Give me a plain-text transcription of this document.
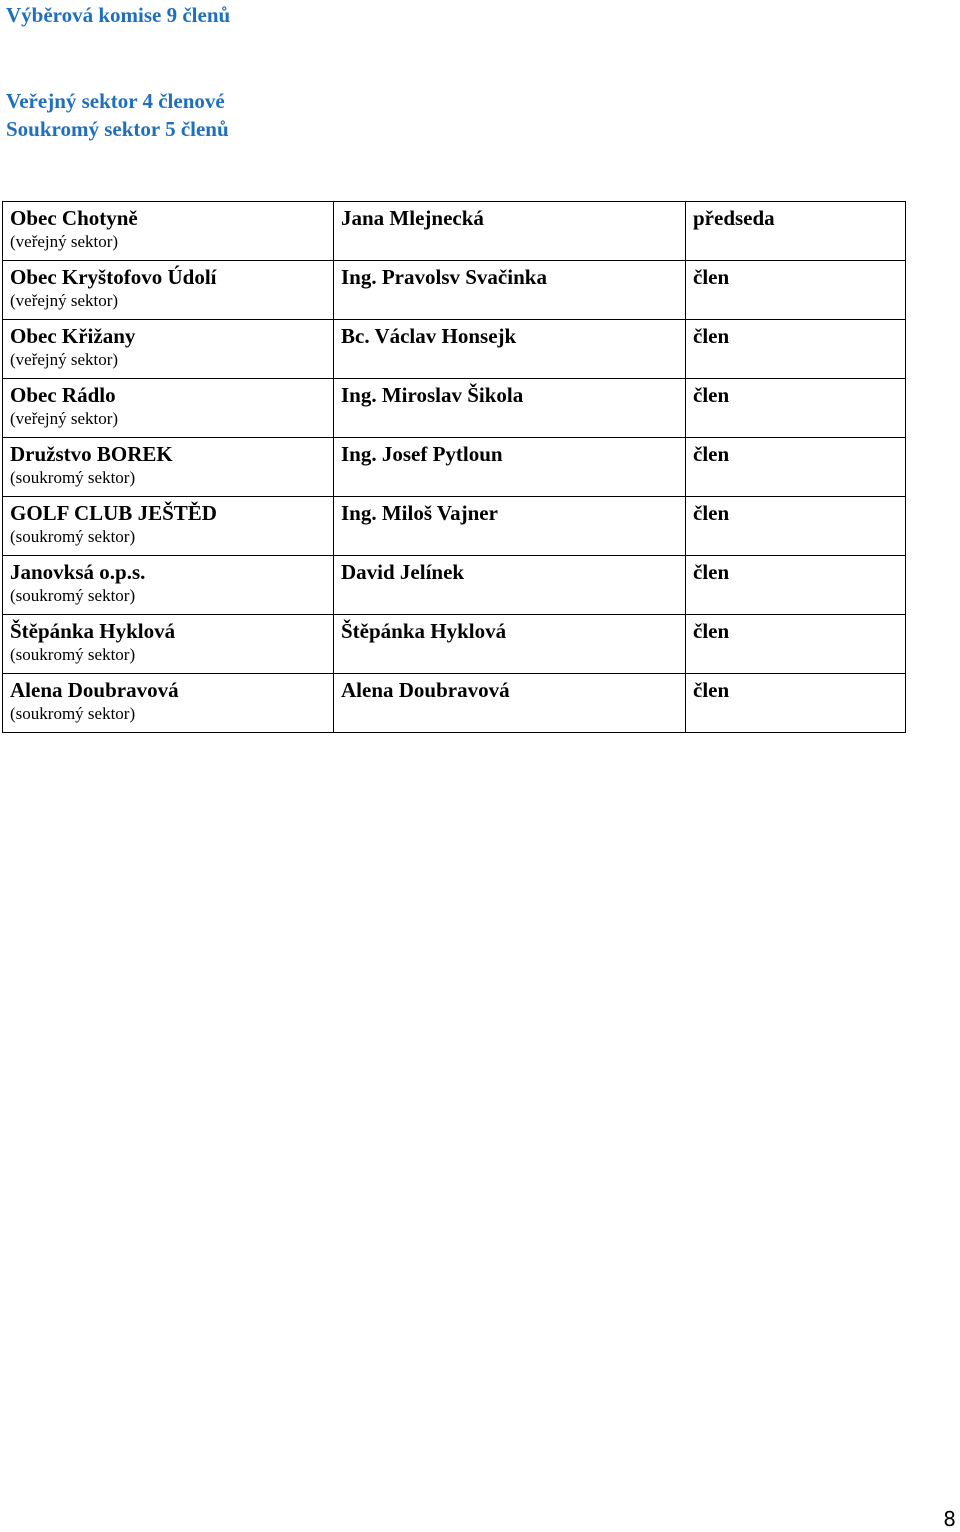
Výběrová komise 9 členů
Veřejný sektor 4 členové
Soukromý sektor 5 členů
Obec Chotyně
(veřejný sektor)	Jana Mlejnecká	předseda

Obec Kryštofovo Údolí
(veřejný sektor)	Ing. Pravolsv Svačinka	člen

Obec Křižany
(veřejný sektor)	Bc. Václav Honsejk	člen

Obec Rádlo
(veřejný sektor)	Ing. Miroslav Šikola	člen

Družstvo BOREK
(soukromý sektor)	Ing. Josef Pytloun	člen

GOLF CLUB JEŠTĚD
(soukromý sektor)	Ing. Miloš Vajner	člen

Janovksá o.p.s.
(soukromý sektor)	David Jelínek	člen

Štěpánka Hyklová
(soukromý sektor)	Štěpánka Hyklová	člen

Alena Doubravová
(soukromý sektor)	Alena Doubravová	člen
8
